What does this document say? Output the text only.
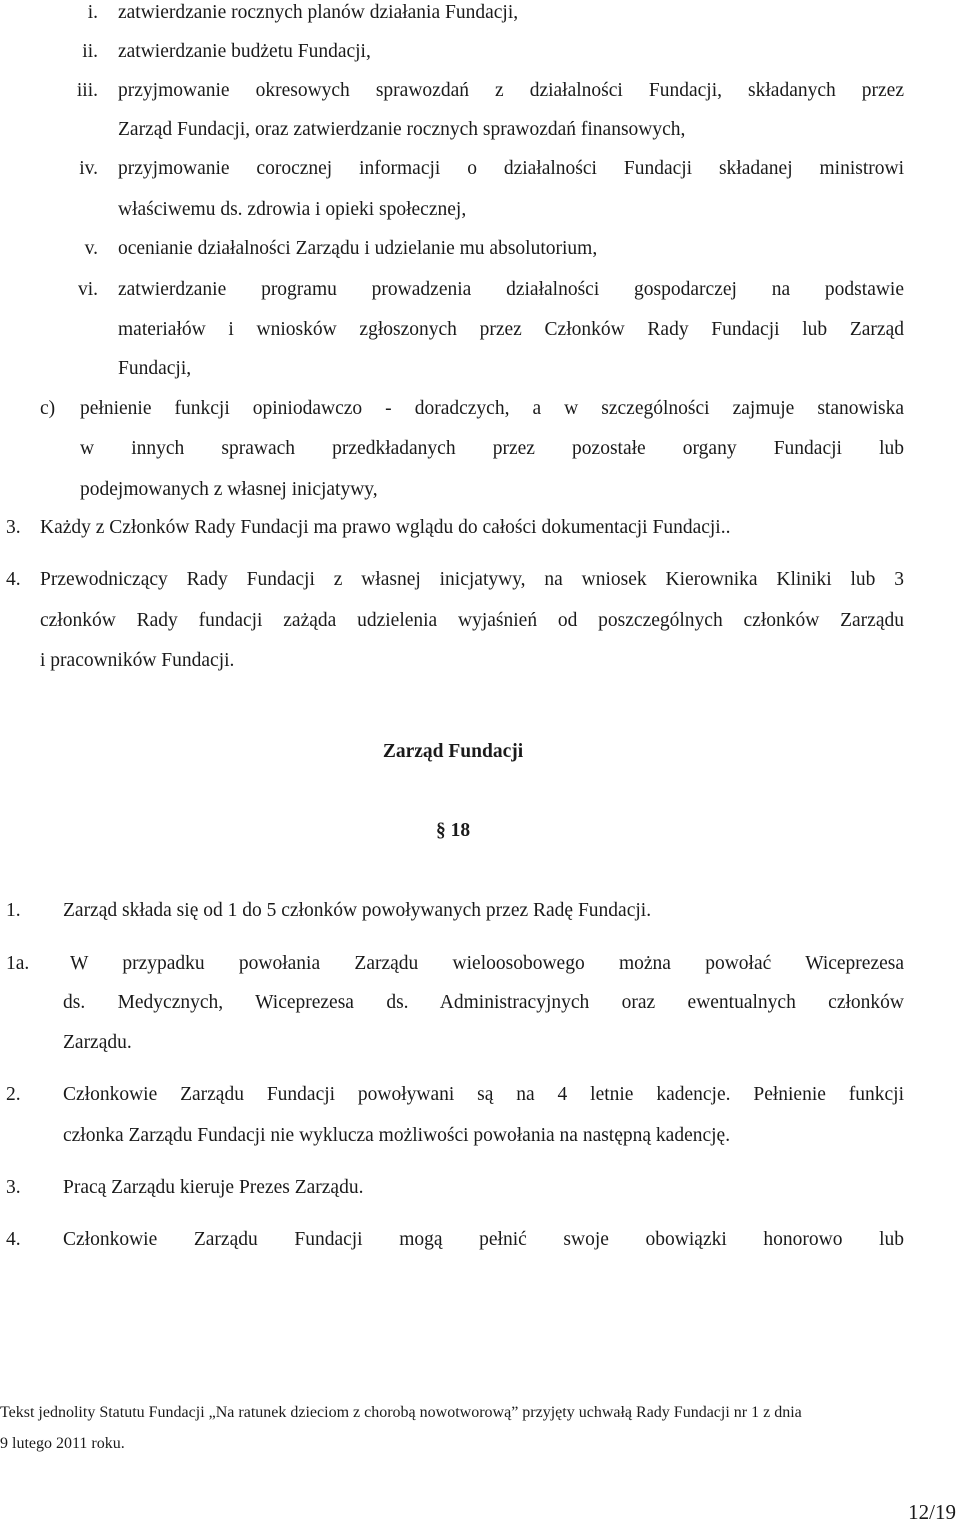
i. zatwierdzanie rocznych planów działania Fundacji,
ii. zatwierdzanie budżetu Fundacji,
iii. przyjmowanie okresowych sprawozdań z działalności Fundacji, składanych przez
Zarząd Fundacji, oraz zatwierdzanie rocznych sprawozdań finansowych,
iv. przyjmowanie corocznej informacji o działalności Fundacji składanej ministrowi
właściwemu ds. zdrowia i opieki społecznej,
v. ocenianie działalności Zarządu i udzielanie mu absolutorium,
vi. zatwierdzanie programu prowadzenia działalności gospodarczej na podstawie
materiałów i wniosków zgłoszonych przez Członków Rady Fundacji lub Zarząd
Fundacji,
c) pełnienie funkcji opiniodawczo - doradczych, a w szczególności zajmuje stanowiska
w innych sprawach przedkładanych przez pozostałe organy Fundacji lub
podejmowanych z własnej inicjatywy,
3. Każdy z Członków Rady Fundacji ma prawo wglądu do całości dokumentacji Fundacji..
4. Przewodniczący Rady Fundacji z własnej inicjatywy, na wniosek Kierownika Kliniki lub 3
członków Rady fundacji zażąda udzielenia wyjaśnień od poszczególnych członków Zarządu
i pracowników Fundacji.
Zarząd Fundacji
§ 18
1. Zarząd składa się od 1 do 5 członków powoływanych przez Radę Fundacji.
1a. W przypadku powołania Zarządu wieloosobowego można powołać Wiceprezesa
ds. Medycznych, Wiceprezesa ds. Administracyjnych oraz ewentualnych członków
Zarządu.
2. Członkowie Zarządu Fundacji powoływani są na 4 letnie kadencje. Pełnienie funkcji
członka Zarządu Fundacji nie wyklucza możliwości powołania na następną kadencję.
3. Pracą Zarządu kieruje Prezes Zarządu.
4. Członkowie Zarządu Fundacji mogą pełnić swoje obowiązki honorowo lub
Tekst jednolity Statutu Fundacji „Na ratunek dzieciom z chorobą nowotworową” przyjęty uchwałą Rady Fundacji nr 1 z dnia
9 lutego 2011 roku.
12/19
